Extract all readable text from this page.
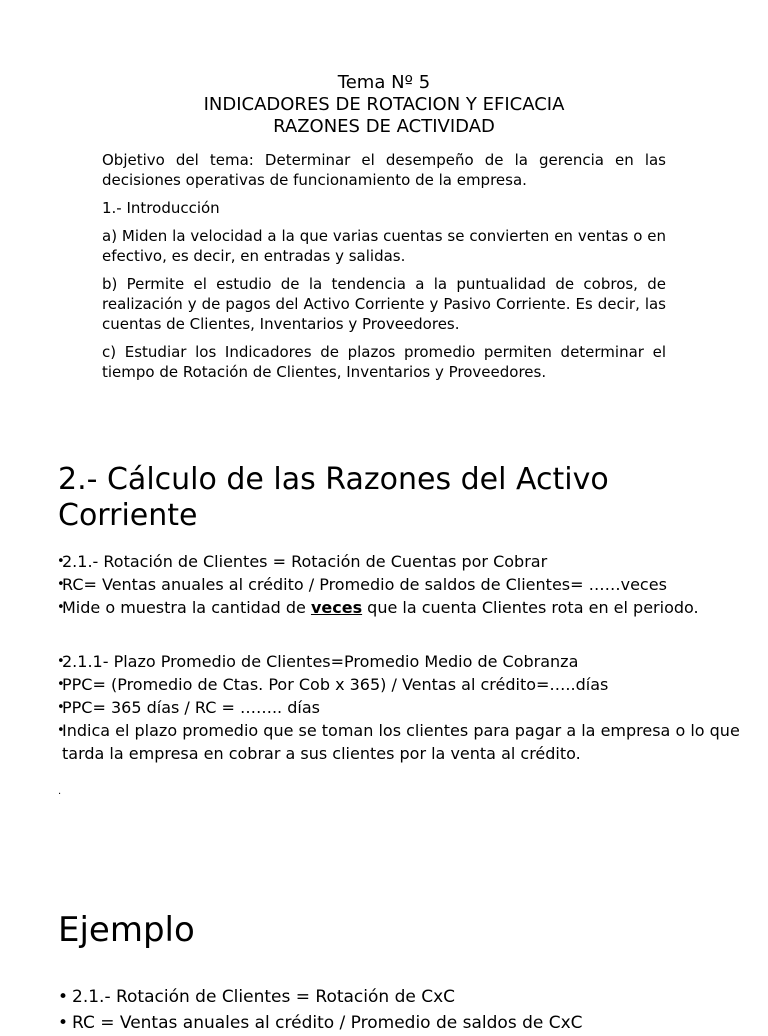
Tema Nº 5
INDICADORES DE ROTACION Y EFICACIA
RAZONES DE ACTIVIDAD

Objetivo del tema: Determinar el desempeño de la gerencia en las decisiones operativas de funcionamiento de la empresa.

1.- Introducción

a) Miden la velocidad a la que varias cuentas se convierten en ventas o en efectivo, es decir, en entradas y salidas.

b) Permite el estudio de la tendencia a la puntualidad de cobros, de realización y de pagos del Activo Corriente y Pasivo Corriente. Es decir, las cuentas de Clientes, Inventarios y Proveedores.

c) Estudiar los Indicadores de plazos promedio permiten determinar el tiempo de Rotación de Clientes, Inventarios y Proveedores.

2.- Cálculo de las Razones del Activo Corriente
• 2.1.- Rotación de Clientes = Rotación de Cuentas por Cobrar
• RC= Ventas anuales al crédito / Promedio de saldos de Clientes= ……veces
• Mide o muestra la cantidad de veces que la cuenta Clientes rota en el periodo.
• 2.1.1- Plazo Promedio de Clientes=Promedio Medio de Cobranza
• PPC= (Promedio de Ctas. Por Cob x 365) / Ventas al crédito=…..días
• PPC= 365 días / RC = …….. días
• Indica el plazo promedio que se toman los clientes para pagar a la empresa o lo que tarda la empresa en cobrar a sus clientes por la venta al crédito.
.
Ejemplo
• 2.1.- Rotación de Clientes = Rotación de CxC
• RC = Ventas anuales al crédito / Promedio de saldos de CxC
